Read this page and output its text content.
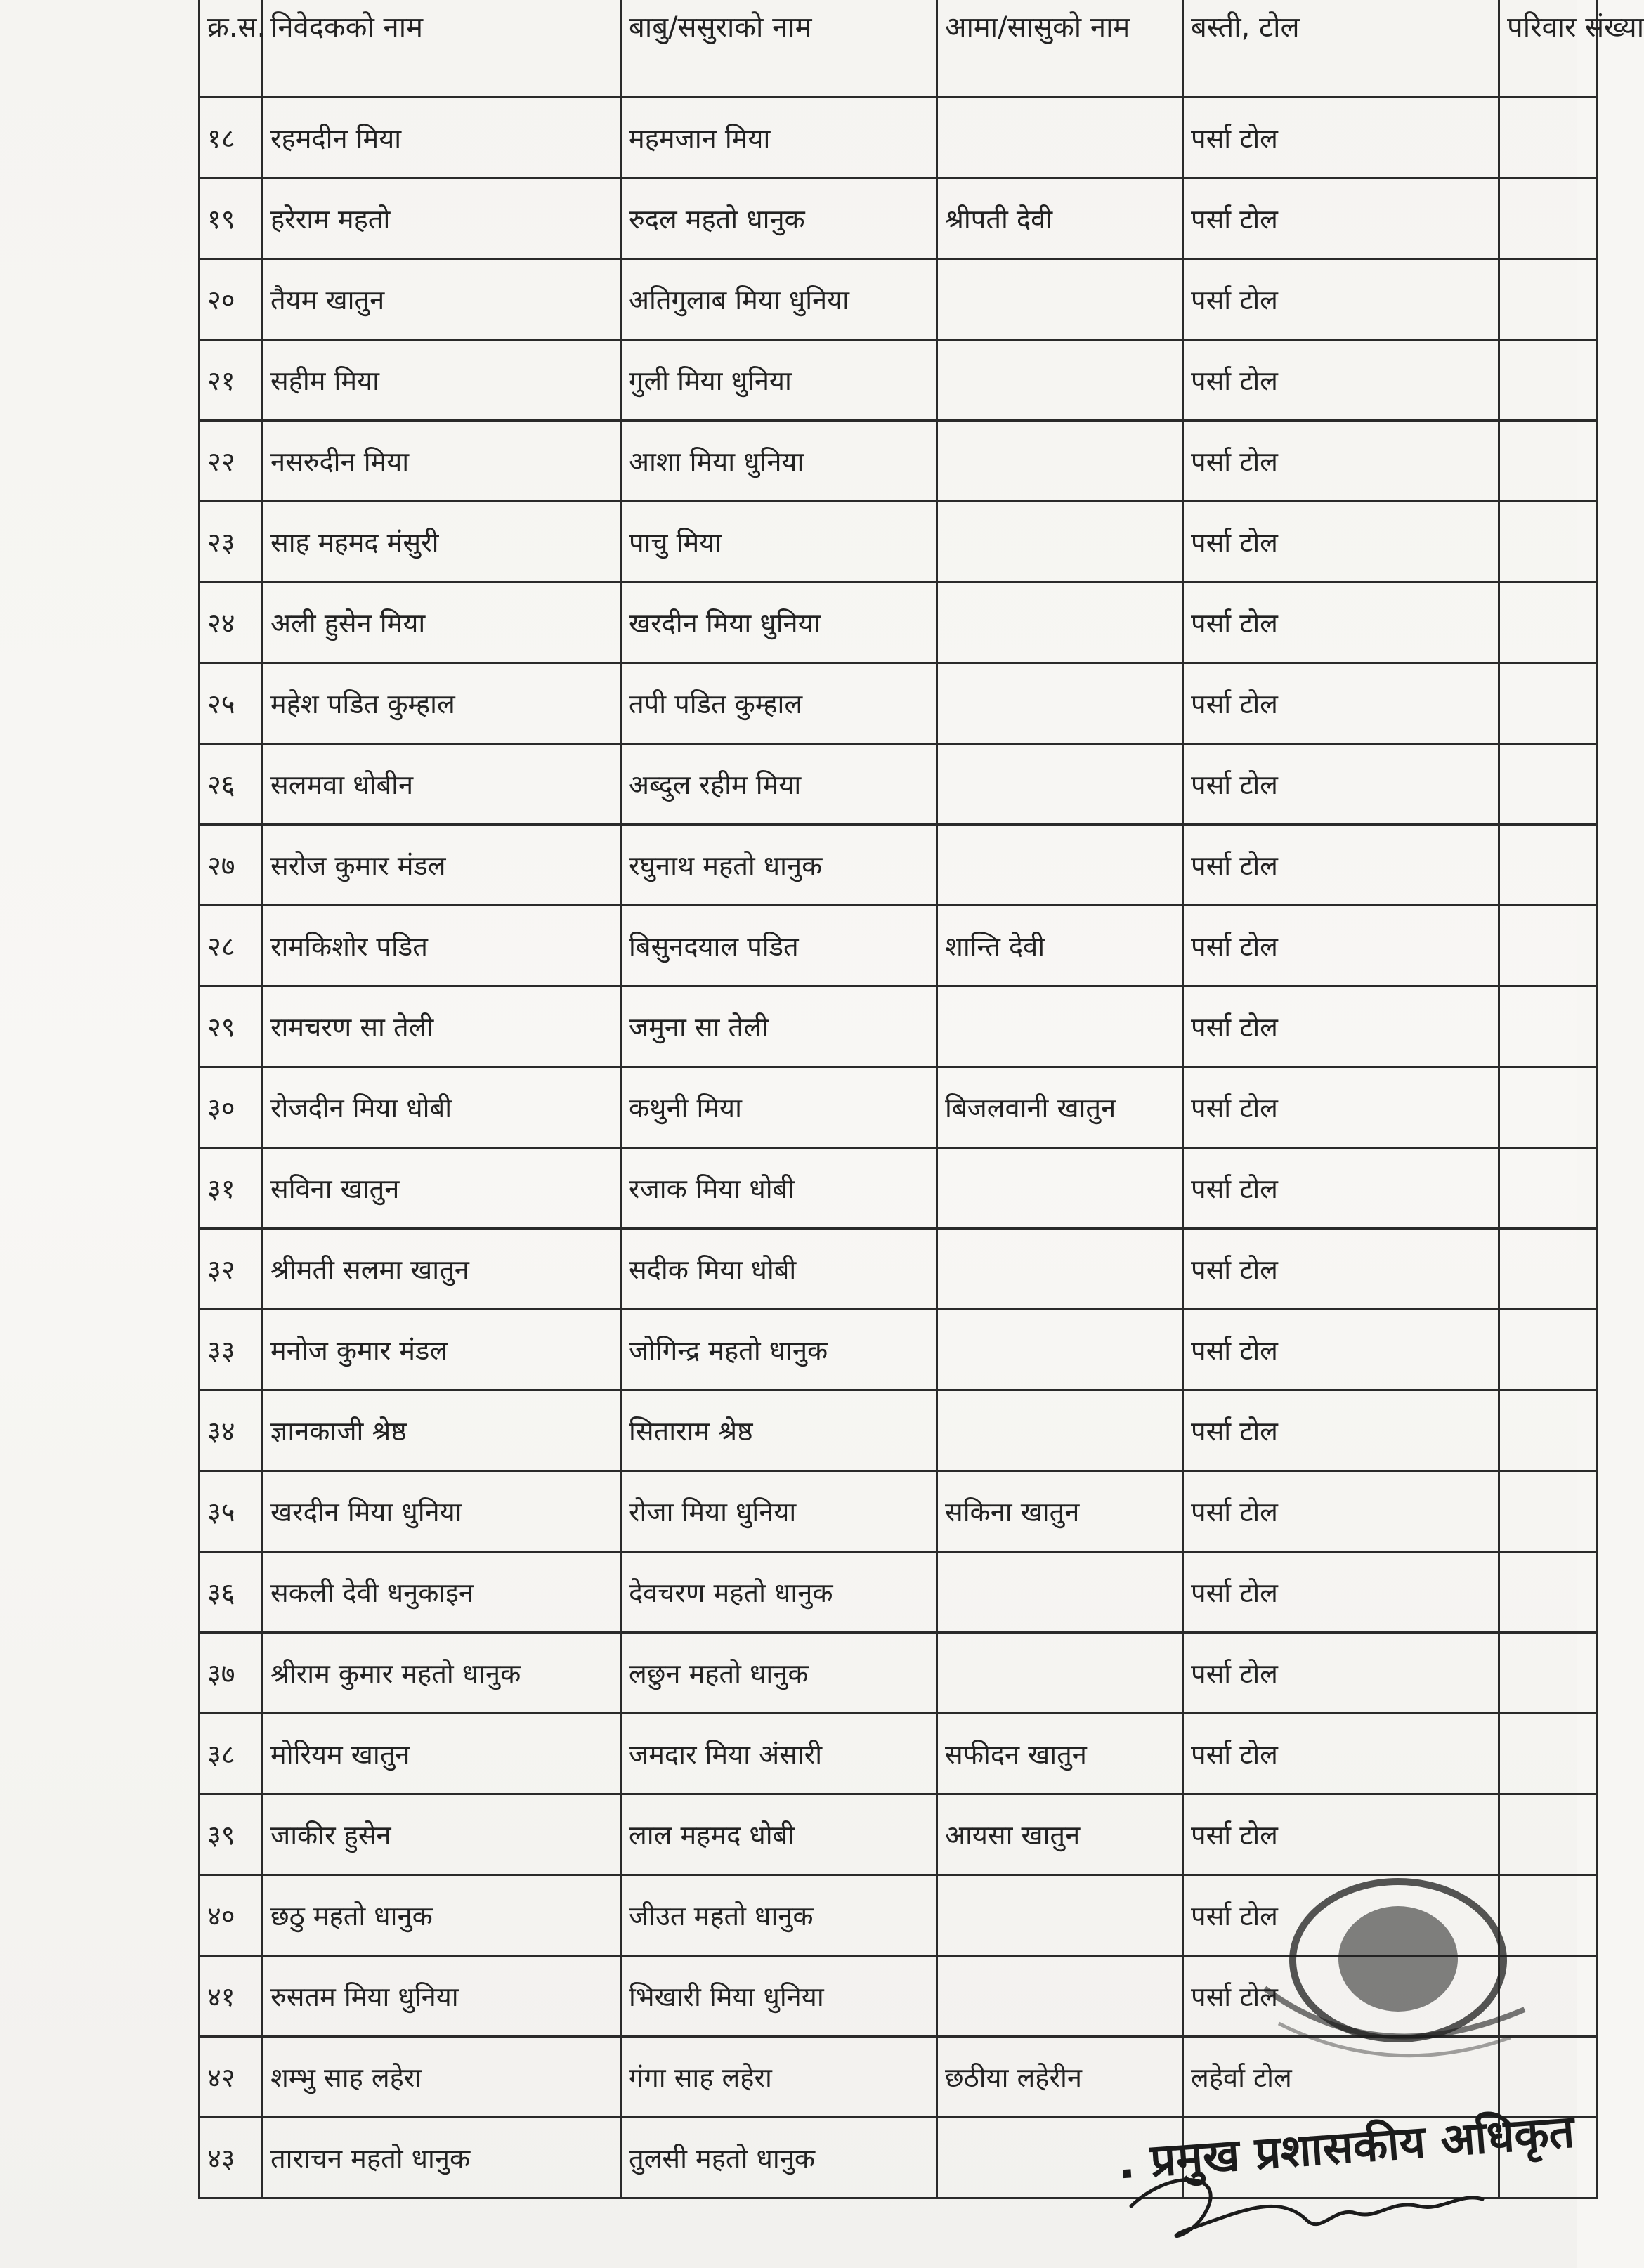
क्र.स.	निवेदकको नाम	बाबु/ससुराको नाम	आमा/सासुको नाम	बस्ती, टोल	परिवार संख्या
१८	रहमदीन मिया	महमजान मिया		पर्सा टोल	
१९	हरेराम महतो	रुदल महतो धानुक	श्रीपती देवी	पर्सा टोल	
२०	तैयम खातुन	अतिगुलाब मिया धुनिया		पर्सा टोल	
२१	सहीम मिया	गुली मिया धुनिया		पर्सा टोल	
२२	नसरुदीन मिया	आशा मिया धुनिया		पर्सा टोल	
२३	साह महमद मंसुरी	पाचु मिया		पर्सा टोल	
२४	अली हुसेन मिया	खरदीन मिया धुनिया		पर्सा टोल	
२५	महेश पडित कुम्हाल	तपी पडित कुम्हाल		पर्सा टोल	
२६	सलमवा धोबीन	अब्दुल रहीम मिया		पर्सा टोल	
२७	सरोज कुमार मंडल	रघुनाथ महतो धानुक		पर्सा टोल	
२८	रामकिशोर पडित	बिसुनदयाल पडित	शान्ति देवी	पर्सा टोल	
२९	रामचरण सा तेली	जमुना सा तेली		पर्सा टोल	
३०	रोजदीन मिया धोबी	कथुनी मिया	बिजलवानी खातुन	पर्सा टोल	
३१	सविना खातुन	रजाक मिया धोबी		पर्सा टोल	
३२	श्रीमती सलमा खातुन	सदीक मिया धोबी		पर्सा टोल	
३३	मनोज कुमार मंडल	जोगिन्द्र महतो धानुक		पर्सा टोल	
३४	ज्ञानकाजी श्रेष्ठ	सिताराम श्रेष्ठ		पर्सा टोल	
३५	खरदीन मिया धुनिया	रोजा मिया धुनिया	सकिना खातुन	पर्सा टोल	
३६	सकली देवी धनुकाइन	देवचरण महतो धानुक		पर्सा टोल	
३७	श्रीराम कुमार महतो धानुक	लछुन महतो धानुक		पर्सा टोल	
३८	मोरियम खातुन	जमदार मिया अंसारी	सफीदन खातुन	पर्सा टोल	
३९	जाकीर हुसेन	लाल महमद धोबी	आयसा खातुन	पर्सा टोल	
४०	छठु महतो धानुक	जीउत महतो धानुक		पर्सा टोल	
४१	रुसतम मिया धुनिया	भिखारी मिया धुनिया		पर्सा टोल	
४२	शम्भु साह लहेरा	गंगा साह लहेरा	छठीया लहेरीन	लहेर्वा टोल	
४३	ताराचन महतो धानुक	तुलसी महतो धानुक				. प्रमुख प्रशासकीय अधिकृत
